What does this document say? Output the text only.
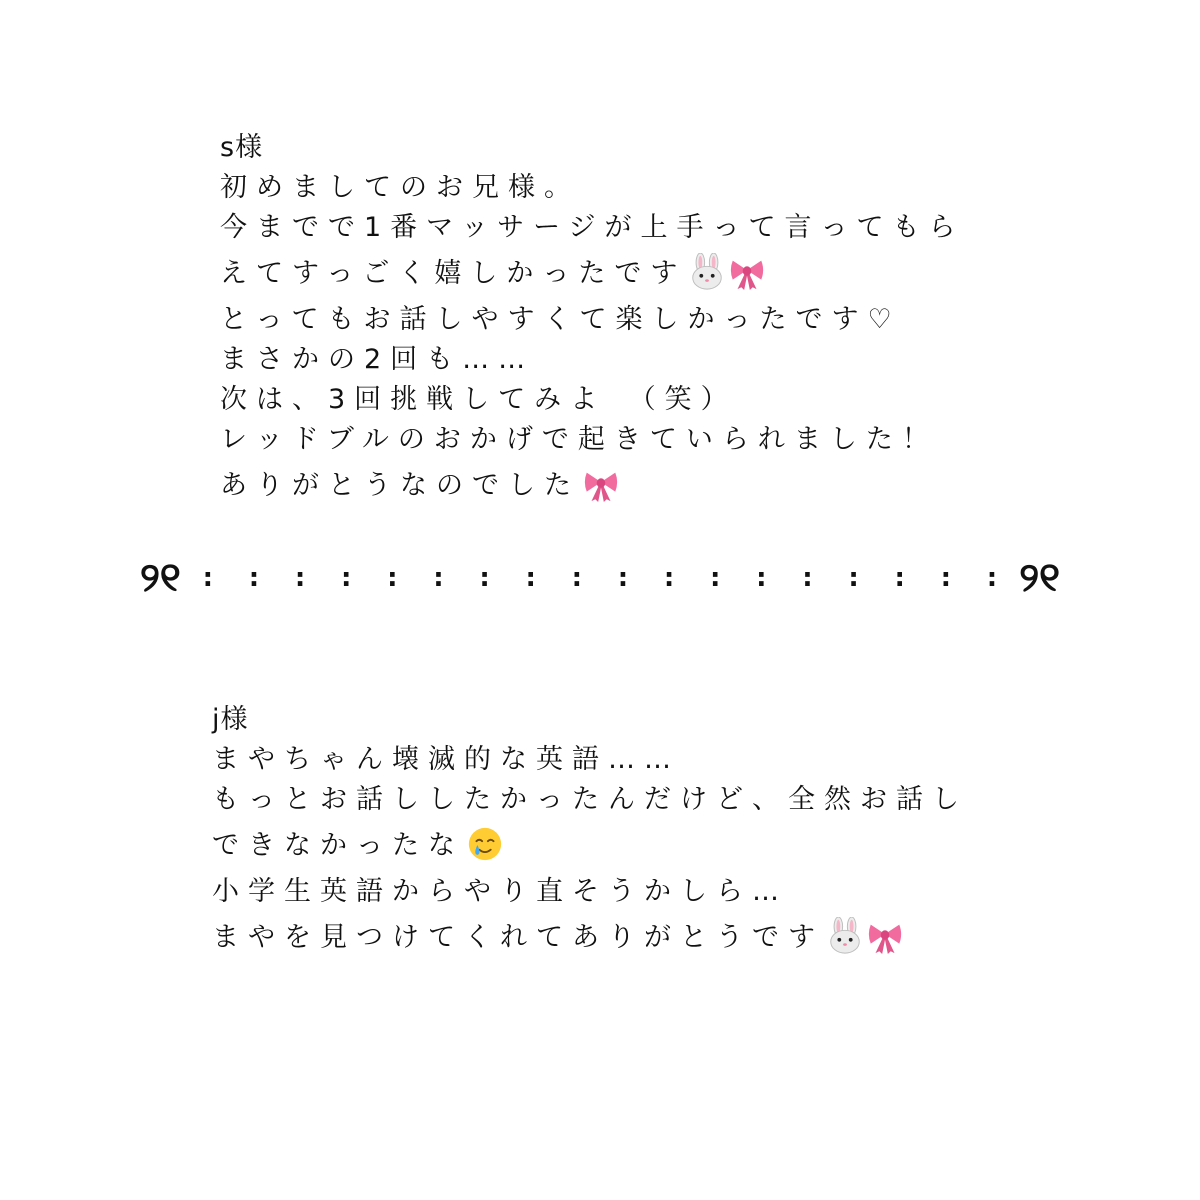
s様
初めましてのお兄様。
今までで1番マッサージが上手って言ってもら
えてすっごく嬉しかったです
とってもお話しやすくて楽しかったです♡
まさかの2回も……
次は、3回挑戦してみよ　（笑）
レッドブルのおかげで起きていられました！
ありがとうなのでした
୨୧ : : : : : : : : : : : : : : : : : : ୨୧
j様
まやちゃん壊滅的な英語……
もっとお話ししたかったんだけど、全然お話し
できなかったな
小学生英語からやり直そうかしら…
まやを見つけてくれてありがとうです
